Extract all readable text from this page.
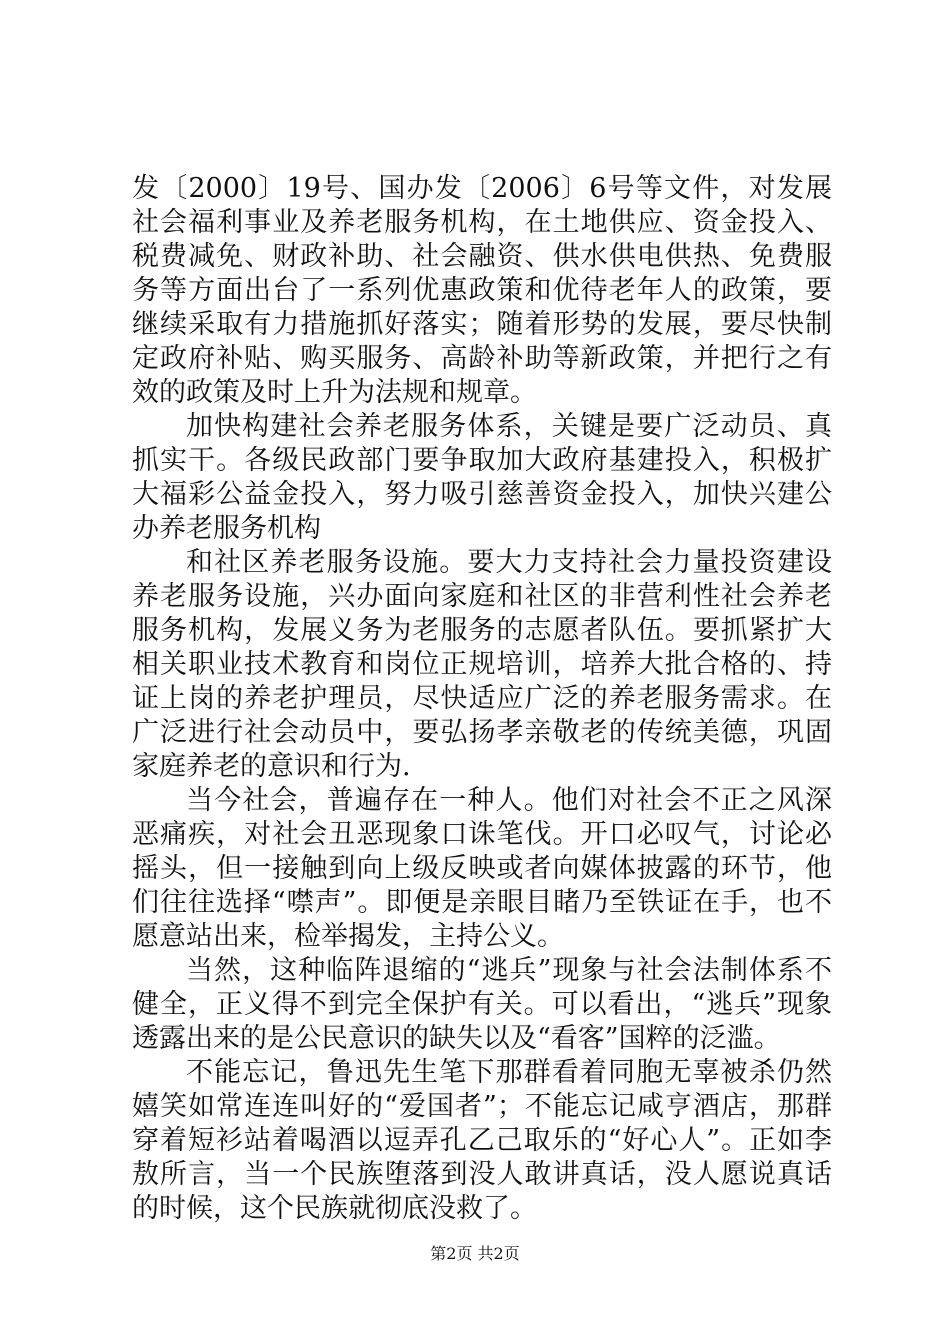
发〔2000〕19号、国办发〔2006〕6号等文件，对发展社会福利事业及养老服务机构，在土地供应、资金投入、税费减免、财政补助、社会融资、供水供电供热、免费服务等方面出台了一系列优惠政策和优待老年人的政策，要继续采取有力措施抓好落实；随着形势的发展，要尽快制定政府补贴、购买服务、高龄补助等新政策，并把行之有效的政策及时上升为法规和规章。

加快构建社会养老服务体系，关键是要广泛动员、真抓实干。各级民政部门要争取加大政府基建投入，积极扩大福彩公益金投入，努力吸引慈善资金投入，加快兴建公办养老服务机构

和社区养老服务设施。要大力支持社会力量投资建设养老服务设施，兴办面向家庭和社区的非营利性社会养老服务机构，发展义务为老服务的志愿者队伍。要抓紧扩大相关职业技术教育和岗位正规培训，培养大批合格的、持证上岗的养老护理员，尽快适应广泛的养老服务需求。在广泛进行社会动员中，要弘扬孝亲敬老的传统美德，巩固家庭养老的意识和行为.

当今社会，普遍存在一种人。他们对社会不正之风深恶痛疾，对社会丑恶现象口诛笔伐。开口必叹气，讨论必摇头，但一接触到向上级反映或者向媒体披露的环节，他们往往选择“噤声”。即便是亲眼目睹乃至铁证在手，也不愿意站出来，检举揭发，主持公义。

当然，这种临阵退缩的“逃兵”现象与社会法制体系不健全，正义得不到完全保护有关。可以看出，“逃兵”现象透露出来的是公民意识的缺失以及“看客”国粹的泛滥。

不能忘记，鲁迅先生笔下那群看着同胞无辜被杀仍然嬉笑如常连连叫好的“爱国者”；不能忘记咸亨酒店，那群穿着短衫站着喝酒以逗弄孔乙己取乐的“好心人”。正如李敖所言，当一个民族堕落到没人敢讲真话，没人愿说真话的时候，这个民族就彻底没救了。

第2页 共2页
